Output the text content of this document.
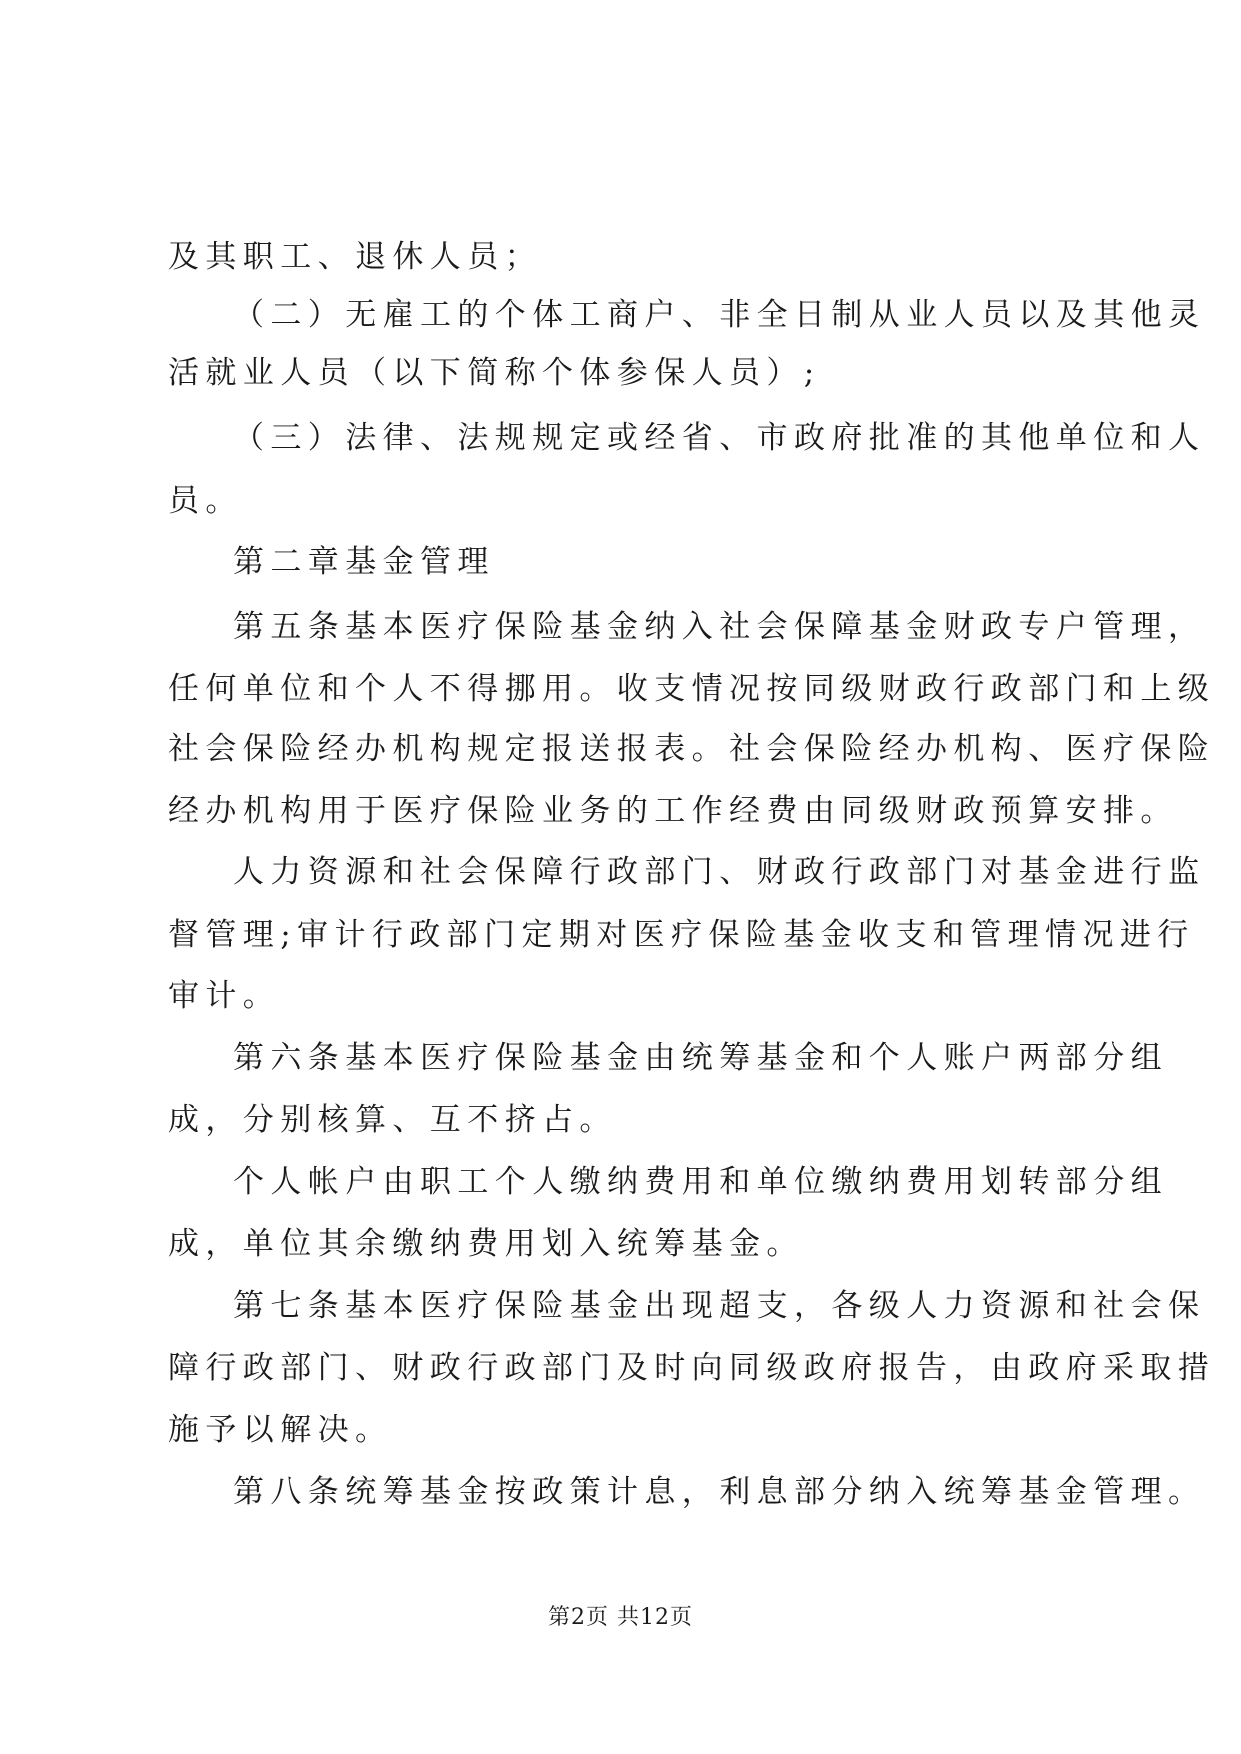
及其职工、退休人员；
（二）无雇工的个体工商户、非全日制从业人员以及其他灵
活就业人员（以下简称个体参保人员）;
（三）法律、法规规定或经省、市政府批准的其他单位和人
员。
第二章基金管理
第五条基本医疗保险基金纳入社会保障基金财政专户管理，
任何单位和个人不得挪用。收支情况按同级财政行政部门和上级
社会保险经办机构规定报送报表。社会保险经办机构、医疗保险
经办机构用于医疗保险业务的工作经费由同级财政预算安排。
人力资源和社会保障行政部门、财政行政部门对基金进行监
督管理;审计行政部门定期对医疗保险基金收支和管理情况进行
审计。
第六条基本医疗保险基金由统筹基金和个人账户两部分组
成，分别核算、互不挤占。
个人帐户由职工个人缴纳费用和单位缴纳费用划转部分组
成，单位其余缴纳费用划入统筹基金。
第七条基本医疗保险基金出现超支，各级人力资源和社会保
障行政部门、财政行政部门及时向同级政府报告，由政府采取措
施予以解决。
第八条统筹基金按政策计息，利息部分纳入统筹基金管理。
第2页 共12页
